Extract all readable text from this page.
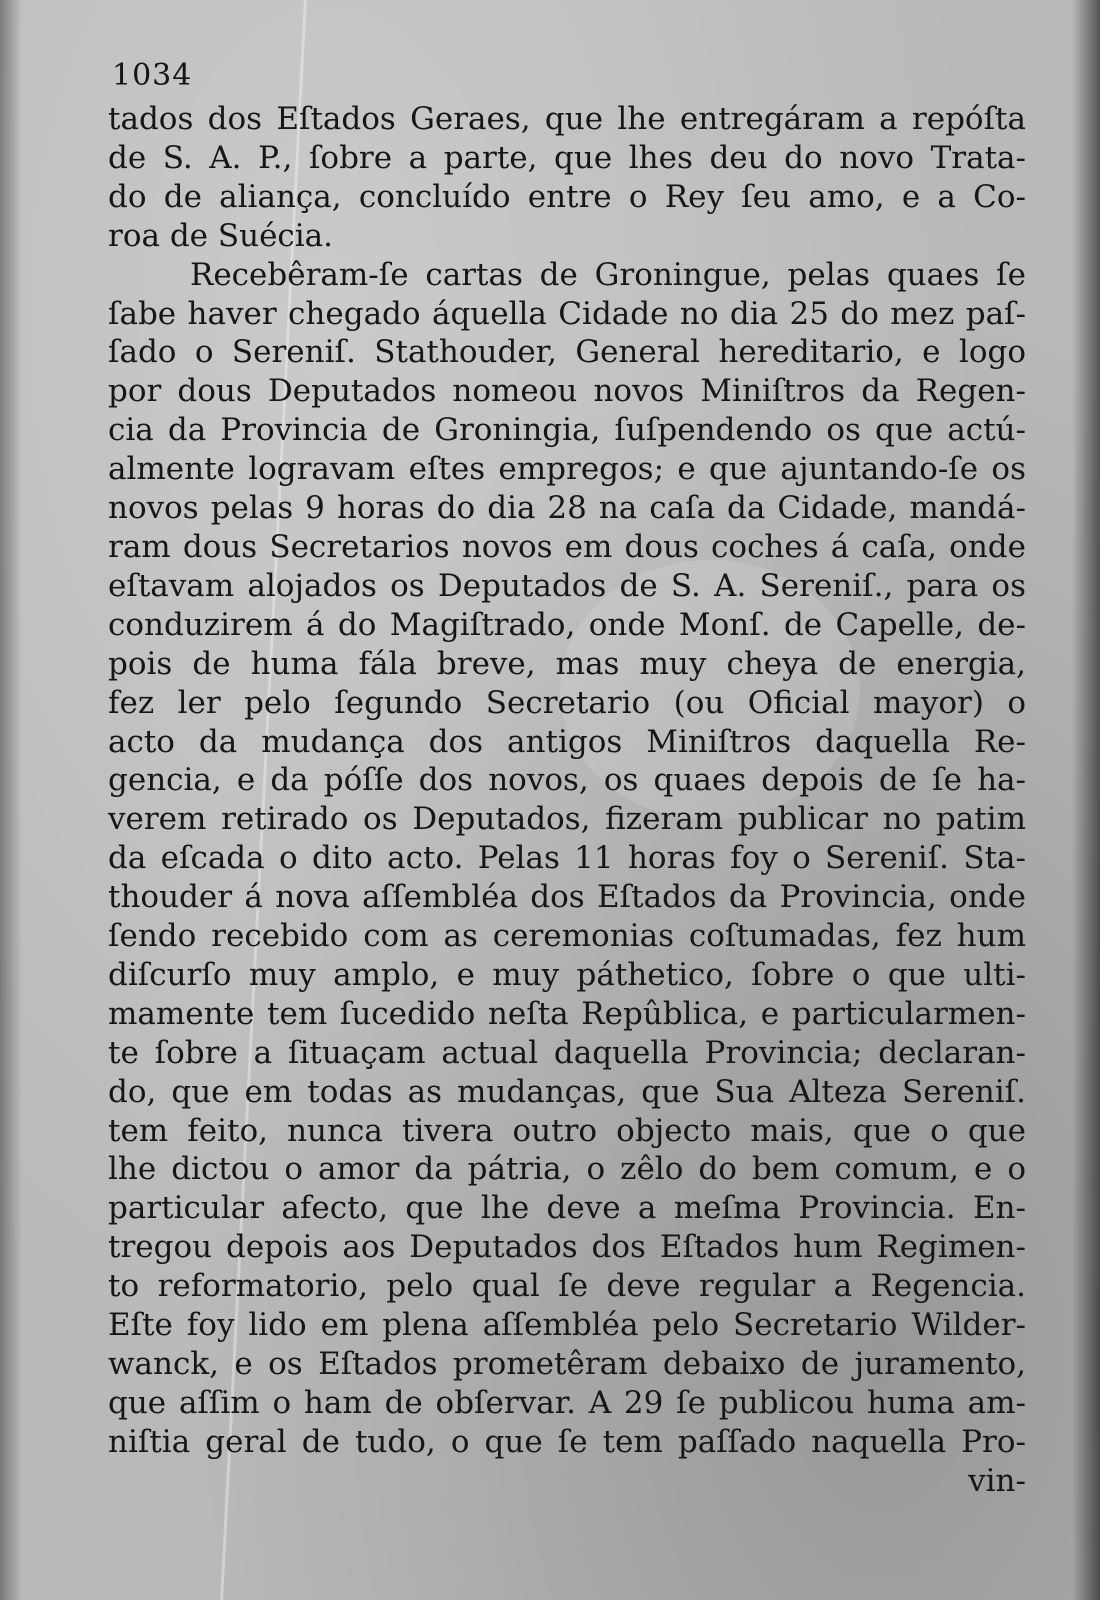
1034
tados dos Eſtados Geraes, que lhe entregáram a repóſta
de S. A. P., ſobre a parte, que lhes deu do novo Trata-
do de aliança, concluído entre o Rey ſeu amo, e a Co-
roa de Suécia.
Recebêram-ſe cartas de Groningue, pelas quaes ſe
ſabe haver chegado áquella Cidade no dia 25 do mez paſ-
ſado o Sereniſ. Stathouder, General hereditario, e logo
por dous Deputados nomeou novos Miniſtros da Regen-
cia da Provincia de Groningia, ſuſpendendo os que actú-
almente logravam eſtes empregos; e que ajuntando-ſe os
novos pelas 9 horas do dia 28 na caſa da Cidade, mandá-
ram dous Secretarios novos em dous coches á caſa, onde
eſtavam alojados os Deputados de S. A. Sereniſ., para os
conduzirem á do Magiſtrado, onde Monſ. de Capelle, de-
pois de huma fála breve, mas muy cheya de energia,
fez ler pelo ſegundo Secretario (ou Oficial mayor) o
acto da mudança dos antigos Miniſtros daquella Re-
gencia, e da póſſe dos novos, os quaes depois de ſe ha-
verem retirado os Deputados, fizeram publicar no patim
da eſcada o dito acto. Pelas 11 horas foy o Sereniſ. Sta-
thouder á nova aſſembléa dos Eſtados da Provincia, onde
ſendo recebido com as ceremonias coſtumadas, fez hum
diſcurſo muy amplo, e muy páthetico, ſobre o que ulti-
mamente tem ſucedido neſta Repûblica, e particularmen-
te ſobre a ſituaçam actual daquella Provincia; declaran-
do, que em todas as mudanças, que Sua Alteza Sereniſ.
tem feito, nunca tivera outro objecto mais, que o que
lhe dictou o amor da pátria, o zêlo do bem comum, e o
particular afecto, que lhe deve a meſma Provincia. En-
tregou depois aos Deputados dos Eſtados hum Regimen-
to reformatorio, pelo qual ſe deve regular a Regencia.
Eſte foy lido em plena aſſembléa pelo Secretario Wilder-
wanck, e os Eſtados prometêram debaixo de juramento,
que aſſim o ham de obſervar. A 29 ſe publicou huma am-
niſtia geral de tudo, o que ſe tem paſſado naquella Pro-
vin-
